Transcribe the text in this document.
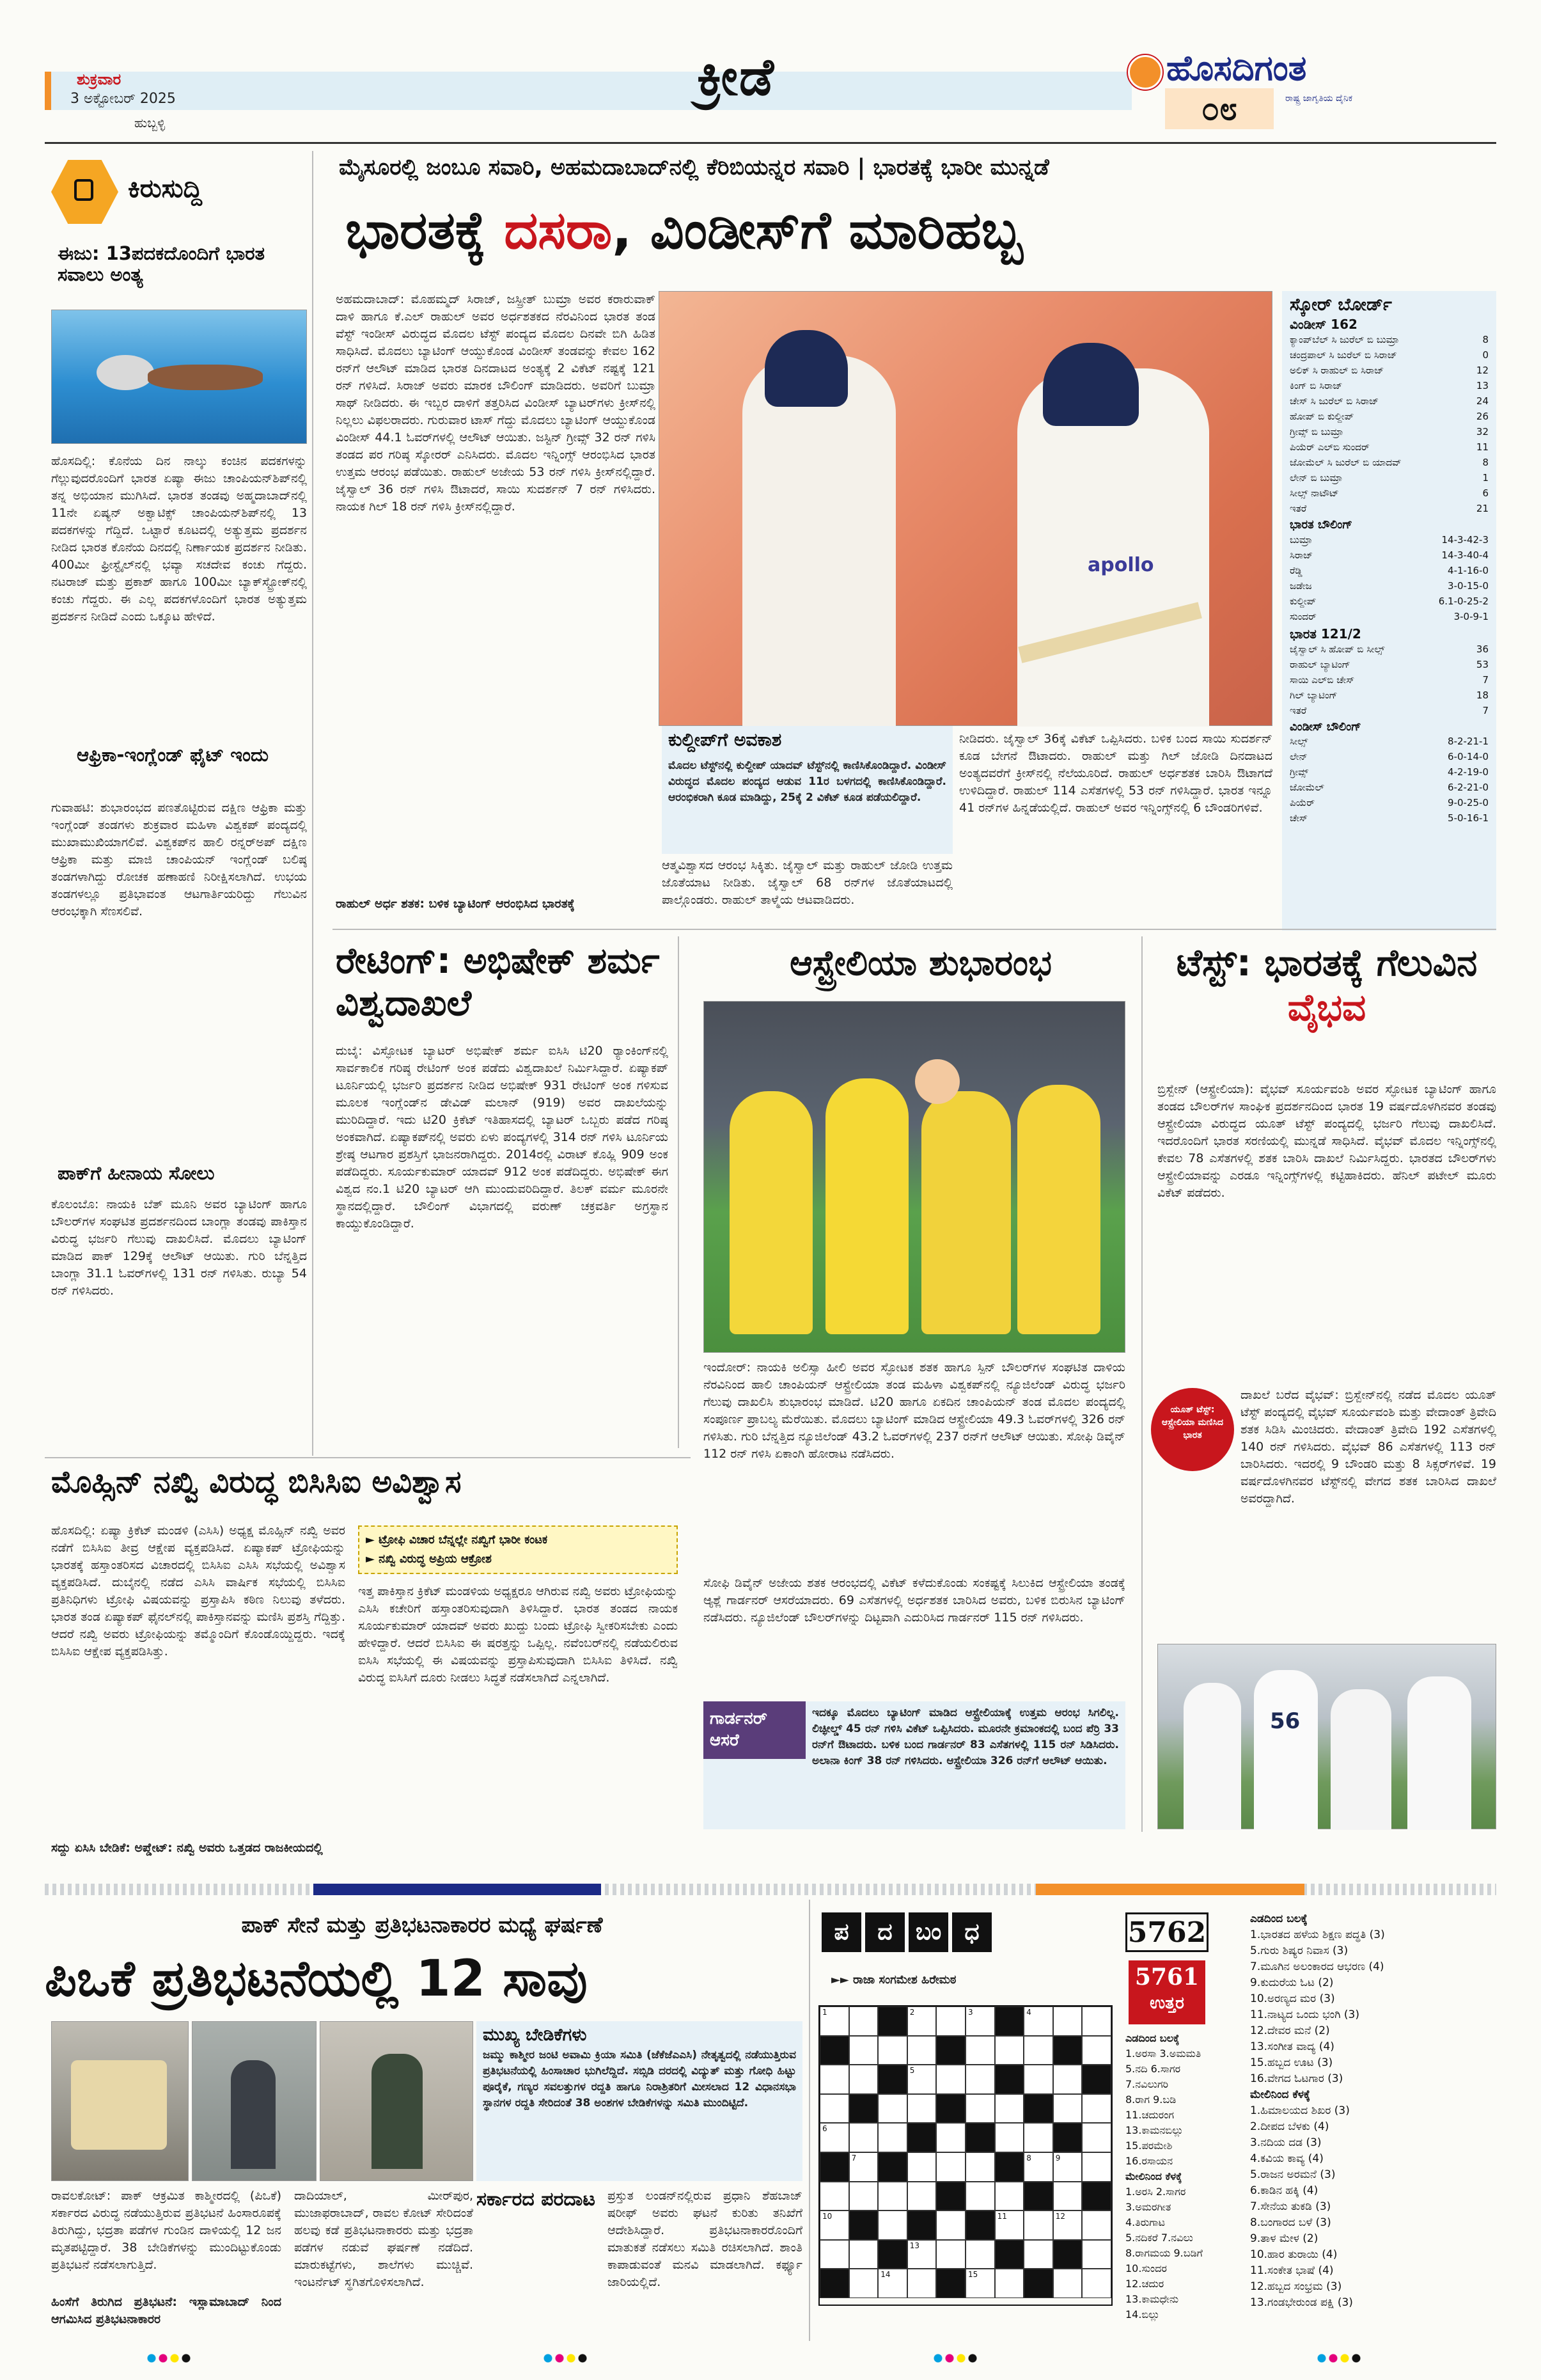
ಶುಕ್ರವಾರ
3 ಅಕ್ಟೋಬರ್ 2025
ಹುಬ್ಬಳ್ಳಿ
ಕ್ರೀಡೆ	ಹೊಸದಿಗಂತ
ರಾಷ್ಟ್ರ ಜಾಗೃತಿಯ ದೈನಿಕ
೦೮
ಕಿರುಸುದ್ದಿ
ಈಜು: 13ಪದಕದೊಂದಿಗೆ ಭಾರತ ಸವಾಲು ಅಂತ್ಯ
ಹೊಸದಿಲ್ಲಿ: ಕೊನೆಯ ದಿನ ನಾಲ್ಕು ಕಂಚಿನ ಪದಕಗಳನ್ನು ಗೆಲ್ಲುವುದರೊಂದಿಗೆ ಭಾರತ ಏಷ್ಯಾ ಈಜು ಚಾಂಪಿಯನ್‌ಶಿಪ್‌ನಲ್ಲಿ ತನ್ನ ಅಭಿಯಾನ ಮುಗಿಸಿದೆ. ಭಾರತ ತಂಡವು ಅಹ್ಮದಾಬಾದ್‌ನಲ್ಲಿ 11ನೇ ಏಷ್ಯನ್ ಅಕ್ವಾಟಿಕ್ಸ್ ಚಾಂಪಿಯನ್‌ಶಿಪ್‌ನಲ್ಲಿ 13 ಪದಕಗಳನ್ನು ಗೆದ್ದಿದೆ. ಒಟ್ಟಾರೆ ಕೂಟದಲ್ಲಿ ಅತ್ಯುತ್ತಮ ಪ್ರದರ್ಶನ ನೀಡಿದ ಭಾರತ ಕೊನೆಯ ದಿನದಲ್ಲಿ ನಿರ್ಣಾಯಕ ಪ್ರದರ್ಶನ ನೀಡಿತು. 400ಮೀ ಫ್ರೀಸ್ಟೈಲ್‌ನಲ್ಲಿ ಭವ್ಯಾ ಸಚದೇವ ಕಂಚು ಗೆದ್ದರು. ನಟರಾಜ್ ಮತ್ತು ಪ್ರಕಾಶ್ ಹಾಗೂ 100ಮೀ ಬ್ಯಾಕ್‌ಸ್ಟ್ರೋಕ್‌ನಲ್ಲಿ ಕಂಚು ಗೆದ್ದರು. ಈ ಎಲ್ಲ ಪದಕಗಳೊಂದಿಗೆ ಭಾರತ ಅತ್ಯುತ್ತಮ ಪ್ರದರ್ಶನ ನೀಡಿದೆ ಎಂದು ಒಕ್ಕೂಟ ಹೇಳಿದೆ.
ಆಫ್ರಿಕಾ-ಇಂಗ್ಲೆಂಡ್ ಫೈಟ್ ಇಂದು
ಗುವಾಹಟಿ: ಶುಭಾರಂಭದ ಪಣತೊಟ್ಟಿರುವ ದಕ್ಷಿಣ ಆಫ್ರಿಕಾ ಮತ್ತು ಇಂಗ್ಲೆಂಡ್ ತಂಡಗಳು ಶುಕ್ರವಾರ ಮಹಿಳಾ ವಿಶ್ವಕಪ್ ಪಂದ್ಯದಲ್ಲಿ ಮುಖಾಮುಖಿಯಾಗಲಿವೆ. ವಿಶ್ವಕಪ್‌ನ ಹಾಲಿ ರನ್ನರ್‌ಅಪ್ ದಕ್ಷಿಣ ಆಫ್ರಿಕಾ ಮತ್ತು ಮಾಜಿ ಚಾಂಪಿಯನ್ ಇಂಗ್ಲೆಂಡ್ ಬಲಿಷ್ಠ ತಂಡಗಳಾಗಿದ್ದು ರೋಚಕ ಹಣಾಹಣಿ ನಿರೀಕ್ಷಿಸಲಾಗಿದೆ. ಉಭಯ ತಂಡಗಳಲ್ಲೂ ಪ್ರತಿಭಾವಂತ ಆಟಗಾರ್ತಿಯರಿದ್ದು ಗೆಲುವಿನ ಆರಂಭಕ್ಕಾಗಿ ಸೆಣಸಲಿವೆ.
ಪಾಕ್‌ಗೆ ಹೀನಾಯ ಸೋಲು
ಕೊಲಂಬೊ: ನಾಯಕಿ ಬೆತ್ ಮೂನಿ ಅವರ ಬ್ಯಾಟಿಂಗ್ ಹಾಗೂ ಬೌಲರ್‌ಗಳ ಸಂಘಟಿತ ಪ್ರದರ್ಶನದಿಂದ ಬಾಂಗ್ಲಾ ತಂಡವು ಪಾಕಿಸ್ತಾನ ವಿರುದ್ಧ ಭರ್ಜರಿ ಗೆಲುವು ದಾಖಲಿಸಿದೆ. ಮೊದಲು ಬ್ಯಾಟಿಂಗ್ ಮಾಡಿದ ಪಾಕ್ 129ಕ್ಕೆ ಆಲೌಟ್ ಆಯಿತು. ಗುರಿ ಬೆನ್ನತ್ತಿದ ಬಾಂಗ್ಲಾ 31.1 ಓವರ್‌ಗಳಲ್ಲಿ 131 ರನ್ ಗಳಿಸಿತು. ರುಬ್ಯಾ 54 ರನ್ ಗಳಿಸಿದರು.
ಮೈಸೂರಲ್ಲಿ ಜಂಬೂ ಸವಾರಿ, ಅಹಮದಾಬಾದ್‌ನಲ್ಲಿ ಕೆರಿಬಿಯನ್ನರ ಸವಾರಿ | ಭಾರತಕ್ಕೆ ಭಾರೀ ಮುನ್ನಡೆ
ಭಾರತಕ್ಕೆ ದಸರಾ, ವಿಂಡೀಸ್‌ಗೆ ಮಾರಿಹಬ್ಬ
ಅಹಮದಾಬಾದ್: ಮೊಹಮ್ಮದ್ ಸಿರಾಜ್, ಜಸ್ಪ್ರೀತ್ ಬುಮ್ರಾ ಅವರ ಕರಾರುವಾಕ್ ದಾಳಿ ಹಾಗೂ ಕೆ.ಎಲ್ ರಾಹುಲ್ ಅವರ ಅರ್ಧಶತಕದ ನೆರವಿನಿಂದ ಭಾರತ ತಂಡ ವೆಸ್ಟ್ ಇಂಡೀಸ್ ವಿರುದ್ಧದ ಮೊದಲ ಟೆಸ್ಟ್ ಪಂದ್ಯದ ಮೊದಲ ದಿನವೇ ಬಿಗಿ ಹಿಡಿತ ಸಾಧಿಸಿದೆ. ಮೊದಲು ಬ್ಯಾಟಿಂಗ್ ಆಯ್ದುಕೊಂಡ ವಿಂಡೀಸ್ ತಂಡವನ್ನು ಕೇವಲ 162 ರನ್‌ಗೆ ಆಲೌಟ್ ಮಾಡಿದ ಭಾರತ ದಿನದಾಟದ ಅಂತ್ಯಕ್ಕೆ 2 ವಿಕೆಟ್ ನಷ್ಟಕ್ಕೆ 121 ರನ್ ಗಳಿಸಿದೆ. ಸಿರಾಜ್ ಅವರು ಮಾರಕ ಬೌಲಿಂಗ್ ಮಾಡಿದರು. ಅವರಿಗೆ ಬುಮ್ರಾ ಸಾಥ್ ನೀಡಿದರು. ಈ ಇಬ್ಬರ ದಾಳಿಗೆ ತತ್ತರಿಸಿದ ವಿಂಡೀಸ್ ಬ್ಯಾಟರ್‌ಗಳು ಕ್ರೀಸ್‌ನಲ್ಲಿ ನಿಲ್ಲಲು ವಿಫಲರಾದರು. ಗುರುವಾರ ಟಾಸ್ ಗೆದ್ದು ಮೊದಲು ಬ್ಯಾಟಿಂಗ್ ಆಯ್ದುಕೊಂಡ ವಿಂಡೀಸ್ 44.1 ಓವರ್‌ಗಳಲ್ಲಿ ಆಲೌಟ್ ಆಯಿತು. ಜಸ್ಟಿನ್ ಗ್ರೀವ್ಸ್ 32 ರನ್ ಗಳಿಸಿ ತಂಡದ ಪರ ಗರಿಷ್ಠ ಸ್ಕೋರರ್ ಎನಿಸಿದರು. ಮೊದಲ ಇನ್ನಿಂಗ್ಸ್ ಆರಂಭಿಸಿದ ಭಾರತ ಉತ್ತಮ ಆರಂಭ ಪಡೆಯಿತು. ರಾಹುಲ್ ಅಜೇಯ 53 ರನ್ ಗಳಿಸಿ ಕ್ರೀಸ್‌ನಲ್ಲಿದ್ದಾರೆ. ಜೈಸ್ವಾಲ್ 36 ರನ್ ಗಳಿಸಿ ಔಟಾದರೆ, ಸಾಯಿ ಸುದರ್ಶನ್ 7 ರನ್ ಗಳಿಸಿದರು. ನಾಯಕ ಗಿಲ್ 18 ರನ್ ಗಳಿಸಿ ಕ್ರೀಸ್‌ನಲ್ಲಿದ್ದಾರೆ.
ರಾಹುಲ್ ಅರ್ಧ ಶತಕ: ಬಳಿಕ ಬ್ಯಾಟಿಂಗ್ ಆರಂಭಿಸಿದ ಭಾರತಕ್ಕೆ
apollo
ಕುಲ್ದೀಪ್‌ಗೆ ಅವಕಾಶ
ಮೊದಲ ಟೆಸ್ಟ್‌ನಲ್ಲಿ ಕುಲ್ದೀಪ್ ಯಾದವ್ ಟೆಸ್ಟ್‌ನಲ್ಲಿ ಕಾಣಿಸಿಕೊಂಡಿದ್ದಾರೆ. ವಿಂಡೀಸ್ ವಿರುದ್ಧದ ಮೊದಲ ಪಂದ್ಯದ ಆಡುವ 11ರ ಬಳಗದಲ್ಲಿ ಕಾಣಿಸಿಕೊಂಡಿದ್ದಾರೆ. ಆರಂಭಿಕರಾಗಿ ಕೂಡ ಮಾಡಿದ್ದು, 25ಕ್ಕೆ 2 ವಿಕೆಟ್ ಕೂಡ ಪಡೆಯಲಿದ್ದಾರೆ.
ಆತ್ಮವಿಶ್ವಾಸದ ಆರಂಭ ಸಿಕ್ಕಿತು. ಜೈಸ್ವಾಲ್ ಮತ್ತು ರಾಹುಲ್ ಜೋಡಿ ಉತ್ತಮ ಜೊತೆಯಾಟ ನೀಡಿತು. ಜೈಸ್ವಾಲ್ 68 ರನ್‌ಗಳ ಜೊತೆಯಾಟದಲ್ಲಿ ಪಾಲ್ಗೊಂಡರು. ರಾಹುಲ್ ತಾಳ್ಮೆಯ ಆಟವಾಡಿದರು.
ನೀಡಿದರು. ಜೈಸ್ವಾಲ್ 36ಕ್ಕೆ ವಿಕೆಟ್ ಒಪ್ಪಿಸಿದರು. ಬಳಿಕ ಬಂದ ಸಾಯಿ ಸುದರ್ಶನ್ ಕೂಡ ಬೇಗನೆ ಔಟಾದರು. ರಾಹುಲ್ ಮತ್ತು ಗಿಲ್ ಜೋಡಿ ದಿನದಾಟದ ಅಂತ್ಯದವರೆಗೆ ಕ್ರೀಸ್‌ನಲ್ಲಿ ನೆಲೆಯೂರಿದೆ. ರಾಹುಲ್ ಅರ್ಧಶತಕ ಬಾರಿಸಿ ಔಟಾಗದೆ ಉಳಿದಿದ್ದಾರೆ. ರಾಹುಲ್ 114 ಎಸೆತಗಳಲ್ಲಿ 53 ರನ್ ಗಳಿಸಿದ್ದಾರೆ. ಭಾರತ ಇನ್ನೂ 41 ರನ್‌ಗಳ ಹಿನ್ನಡೆಯಲ್ಲಿದೆ. ರಾಹುಲ್ ಅವರ ಇನ್ನಿಂಗ್ಸ್‌ನಲ್ಲಿ 6 ಬೌಂಡರಿಗಳಿವೆ.
ಸ್ಕೋರ್ ಬೋರ್ಡ್
ವಿಂಡೀಸ್ 162
ಕ್ಯಾಂಪ್‌ಬೆಲ್ ಸಿ ಜುರೆಲ್ ಬಿ ಬುಮ್ರಾ	8
ಚಂದ್ರಪಾಲ್ ಸಿ ಜುರೆಲ್ ಬಿ ಸಿರಾಜ್	0
ಅಲಿಕ್ ಸಿ ರಾಹುಲ್ ಬಿ ಸಿರಾಜ್	12
ಕಿಂಗ್ ಬಿ ಸಿರಾಜ್	13
ಚೇಸ್ ಸಿ ಜುರೆಲ್ ಬಿ ಸಿರಾಜ್	24
ಹೋಪ್ ಬಿ ಕುಲ್ದೀಪ್	26
ಗ್ರೀವ್ಸ್ ಬಿ ಬುಮ್ರಾ	32
ಪಿಯೆರ್ ಎಲ್‌ಬಿ ಸುಂದರ್	11
ಜೋಮೆಲ್ ಸಿ ಜುರೆಲ್ ಬಿ ಯಾದವ್	8
ಲೇನ್ ಬಿ ಬುಮ್ರಾ	1
ಸೀಲ್ಸ್ ನಾಟೌಟ್	6
ಇತರೆ	21
ಭಾರತ ಬೌಲಿಂಗ್
ಬುಮ್ರಾ	14-3-42-3
ಸಿರಾಜ್	14-3-40-4
ರೆಡ್ಡಿ	4-1-16-0
ಜಡೇಜ	3-0-15-0
ಕುಲ್ದೀಪ್	6.1-0-25-2
ಸುಂದರ್	3-0-9-1
ಭಾರತ 121/2
ಜೈಸ್ವಾಲ್ ಸಿ ಹೋಪ್ ಬಿ ಸೀಲ್ಸ್	36
ರಾಹುಲ್ ಬ್ಯಾಟಿಂಗ್	53
ಸಾಯಿ ಎಲ್‌ಬಿ ಚೇಸ್	7
ಗಿಲ್ ಬ್ಯಾಟಿಂಗ್	18
ಇತರೆ	7
ವಿಂಡೀಸ್ ಬೌಲಿಂಗ್
ಸೀಲ್ಸ್	8-2-21-1
ಲೇನ್	6-0-14-0
ಗ್ರೀವ್ಸ್	4-2-19-0
ಜೋಮೆಲ್	6-2-21-0
ಪಿಯೆರ್	9-0-25-0
ಚೇಸ್	5-0-16-1
ರೇಟಿಂಗ್: ಅಭಿಷೇಕ್ ಶರ್ಮ ವಿಶ್ವದಾಖಲೆ
ದುಬೈ: ವಿಸ್ಫೋಟಕ ಬ್ಯಾಟರ್ ಅಭಿಷೇಕ್ ಶರ್ಮ ಐಸಿಸಿ ಟಿ20 ರ‍್ಯಾಂಕಿಂಗ್‌ನಲ್ಲಿ ಸಾರ್ವಕಾಲಿಕ ಗರಿಷ್ಠ ರೇಟಿಂಗ್ ಅಂಕ ಪಡೆದು ವಿಶ್ವದಾಖಲೆ ನಿರ್ಮಿಸಿದ್ದಾರೆ. ಏಷ್ಯಾಕಪ್ ಟೂರ್ನಿಯಲ್ಲಿ ಭರ್ಜರಿ ಪ್ರದರ್ಶನ ನೀಡಿದ ಅಭಿಷೇಕ್ 931 ರೇಟಿಂಗ್ ಅಂಕ ಗಳಿಸುವ ಮೂಲಕ ಇಂಗ್ಲೆಂಡ್‌ನ ಡೇವಿಡ್ ಮಲಾನ್ (919) ಅವರ ದಾಖಲೆಯನ್ನು ಮುರಿದಿದ್ದಾರೆ. ಇದು ಟಿ20 ಕ್ರಿಕೆಟ್ ಇತಿಹಾಸದಲ್ಲಿ ಬ್ಯಾಟರ್ ಒಬ್ಬರು ಪಡೆದ ಗರಿಷ್ಠ ಅಂಕವಾಗಿದೆ. ಏಷ್ಯಾಕಪ್‌ನಲ್ಲಿ ಅವರು ಏಳು ಪಂದ್ಯಗಳಲ್ಲಿ 314 ರನ್ ಗಳಿಸಿ ಟೂರ್ನಿಯ ಶ್ರೇಷ್ಠ ಆಟಗಾರ ಪ್ರಶಸ್ತಿಗೆ ಭಾಜನರಾಗಿದ್ದರು. 2014ರಲ್ಲಿ ವಿರಾಟ್ ಕೊಹ್ಲಿ 909 ಅಂಕ ಪಡೆದಿದ್ದರು. ಸೂರ್ಯಕುಮಾರ್ ಯಾದವ್ 912 ಅಂಕ ಪಡೆದಿದ್ದರು. ಅಭಿಷೇಕ್ ಈಗ ವಿಶ್ವದ ನಂ.1 ಟಿ20 ಬ್ಯಾಟರ್ ಆಗಿ ಮುಂದುವರಿದಿದ್ದಾರೆ. ತಿಲಕ್ ವರ್ಮ ಮೂರನೇ ಸ್ಥಾನದಲ್ಲಿದ್ದಾರೆ. ಬೌಲಿಂಗ್ ವಿಭಾಗದಲ್ಲಿ ವರುಣ್ ಚಕ್ರವರ್ತಿ ಅಗ್ರಸ್ಥಾನ ಕಾಯ್ದುಕೊಂಡಿದ್ದಾರೆ.
ಆಸ್ಟ್ರೇಲಿಯಾ ಶುಭಾರಂಭ
ಇಂದೋರ್: ನಾಯಕಿ ಅಲಿಸ್ಸಾ ಹೀಲಿ ಅವರ ಸ್ಫೋಟಕ ಶತಕ ಹಾಗೂ ಸ್ಪಿನ್ ಬೌಲರ್‌ಗಳ ಸಂಘಟಿತ ದಾಳಿಯ ನೆರವಿನಿಂದ ಹಾಲಿ ಚಾಂಪಿಯನ್ ಆಸ್ಟ್ರೇಲಿಯಾ ತಂಡ ಮಹಿಳಾ ವಿಶ್ವಕಪ್‌ನಲ್ಲಿ ನ್ಯೂಜಿಲೆಂಡ್ ವಿರುದ್ಧ ಭರ್ಜರಿ ಗೆಲುವು ದಾಖಲಿಸಿ ಶುಭಾರಂಭ ಮಾಡಿದೆ. ಟಿ20 ಹಾಗೂ ಏಕದಿನ ಚಾಂಪಿಯನ್ ತಂಡ ಮೊದಲ ಪಂದ್ಯದಲ್ಲಿ ಸಂಪೂರ್ಣ ಪ್ರಾಬಲ್ಯ ಮೆರೆಯಿತು. ಮೊದಲು ಬ್ಯಾಟಿಂಗ್ ಮಾಡಿದ ಆಸ್ಟ್ರೇಲಿಯಾ 49.3 ಓವರ್‌ಗಳಲ್ಲಿ 326 ರನ್ ಗಳಿಸಿತು. ಗುರಿ ಬೆನ್ನತ್ತಿದ ನ್ಯೂಜಿಲೆಂಡ್ 43.2 ಓವರ್‌ಗಳಲ್ಲಿ 237 ರನ್‌ಗೆ ಆಲೌಟ್ ಆಯಿತು. ಸೋಫಿ ಡಿವೈನ್ 112 ರನ್ ಗಳಿಸಿ ಏಕಾಂಗಿ ಹೋರಾಟ ನಡೆಸಿದರು.
ಸೋಫಿ ಡಿವೈನ್ ಅಜೇಯ ಶತಕ ಆರಂಭದಲ್ಲಿ ವಿಕೆಟ್ ಕಳೆದುಕೊಂಡು ಸಂಕಷ್ಟಕ್ಕೆ ಸಿಲುಕಿದ ಆಸ್ಟ್ರೇಲಿಯಾ ತಂಡಕ್ಕೆ ಆ್ಯಶ್ಲೆ ಗಾರ್ಡನರ್ ಆಸರೆಯಾದರು. 69 ಎಸೆತಗಳಲ್ಲಿ ಅರ್ಧಶತಕ ಬಾರಿಸಿದ ಅವರು, ಬಳಿಕ ಬಿರುಸಿನ ಬ್ಯಾಟಿಂಗ್ ನಡೆಸಿದರು. ನ್ಯೂಜಿಲೆಂಡ್ ಬೌಲರ್‌ಗಳನ್ನು ದಿಟ್ಟವಾಗಿ ಎದುರಿಸಿದ ಗಾರ್ಡನರ್ 115 ರನ್ ಗಳಿಸಿದರು.
ಗಾರ್ಡನರ್ ಆಸರೆ
ಇದಕ್ಕೂ ಮೊದಲು ಬ್ಯಾಟಿಂಗ್ ಮಾಡಿದ ಆಸ್ಟ್ರೇಲಿಯಾಕ್ಕೆ ಉತ್ತಮ ಆರಂಭ ಸಿಗಲಿಲ್ಲ. ಲಿಚ್ಫೀಲ್ಡ್ 45 ರನ್ ಗಳಿಸಿ ವಿಕೆಟ್ ಒಪ್ಪಿಸಿದರು. ಮೂರನೇ ಕ್ರಮಾಂಕದಲ್ಲಿ ಬಂದ ಪೆರ‍್ರಿ 33 ರನ್‌ಗೆ ಔಟಾದರು. ಬಳಿಕ ಬಂದ ಗಾರ್ಡನರ್ 83 ಎಸೆತಗಳಲ್ಲಿ 115 ರನ್ ಸಿಡಿಸಿದರು. ಅಲಾನಾ ಕಿಂಗ್ 38 ರನ್ ಗಳಿಸಿದರು. ಆಸ್ಟ್ರೇಲಿಯಾ 326 ರನ್‌ಗೆ ಆಲೌಟ್ ಆಯಿತು.
ಟೆಸ್ಟ್: ಭಾರತಕ್ಕೆ ಗೆಲುವಿನ ವೈಭವ
ಬ್ರಿಸ್ಬೇನ್ (ಆಸ್ಟ್ರೇಲಿಯಾ): ವೈಭವ್ ಸೂರ್ಯವಂಶಿ ಅವರ ಸ್ಫೋಟಕ ಬ್ಯಾಟಿಂಗ್ ಹಾಗೂ ತಂಡದ ಬೌಲರ್‌ಗಳ ಸಾಂಘಿಕ ಪ್ರದರ್ಶನದಿಂದ ಭಾರತ 19 ವರ್ಷದೊಳಗಿನವರ ತಂಡವು ಆಸ್ಟ್ರೇಲಿಯಾ ವಿರುದ್ಧದ ಯೂತ್ ಟೆಸ್ಟ್ ಪಂದ್ಯದಲ್ಲಿ ಭರ್ಜರಿ ಗೆಲುವು ದಾಖಲಿಸಿದೆ. ಇದರೊಂದಿಗೆ ಭಾರತ ಸರಣಿಯಲ್ಲಿ ಮುನ್ನಡೆ ಸಾಧಿಸಿದೆ. ವೈಭವ್ ಮೊದಲ ಇನ್ನಿಂಗ್ಸ್‌ನಲ್ಲಿ ಕೇವಲ 78 ಎಸೆತಗಳಲ್ಲಿ ಶತಕ ಬಾರಿಸಿ ದಾಖಲೆ ನಿರ್ಮಿಸಿದ್ದರು. ಭಾರತದ ಬೌಲರ್‌ಗಳು ಆಸ್ಟ್ರೇಲಿಯಾವನ್ನು ಎರಡೂ ಇನ್ನಿಂಗ್ಸ್‌ಗಳಲ್ಲಿ ಕಟ್ಟಿಹಾಕಿದರು. ಹೆನಿಲ್ ಪಟೇಲ್ ಮೂರು ವಿಕೆಟ್ ಪಡೆದರು.
ಯೂತ್ ಟೆಸ್ಟ್: ಆಸ್ಟ್ರೇಲಿಯಾ ಮಣಿಸಿದ ಭಾರತ
ದಾಖಲೆ ಬರೆದ ವೈಭವ್: ಬ್ರಿಸ್ಬೇನ್‌ನಲ್ಲಿ ನಡೆದ ಮೊದಲ ಯೂತ್ ಟೆಸ್ಟ್ ಪಂದ್ಯದಲ್ಲಿ ವೈಭವ್ ಸೂರ್ಯವಂಶಿ ಮತ್ತು ವೇದಾಂತ್ ತ್ರಿವೇದಿ ಶತಕ ಸಿಡಿಸಿ ಮಿಂಚಿದರು. ವೇದಾಂತ್ ತ್ರಿವೇದಿ 192 ಎಸೆತಗಳಲ್ಲಿ 140 ರನ್ ಗಳಿಸಿದರು. ವೈಭವ್ 86 ಎಸೆತಗಳಲ್ಲಿ 113 ರನ್ ಬಾರಿಸಿದರು. ಇದರಲ್ಲಿ 9 ಬೌಂಡರಿ ಮತ್ತು 8 ಸಿಕ್ಸರ್‌ಗಳಿವೆ. 19 ವರ್ಷದೊಳಗಿನವರ ಟೆಸ್ಟ್‌ನಲ್ಲಿ ವೇಗದ ಶತಕ ಬಾರಿಸಿದ ದಾಖಲೆ ಅವರದ್ದಾಗಿದೆ.
56
ಮೊಹ್ಸಿನ್ ನಖ್ವಿ ವಿರುದ್ಧ ಬಿಸಿಸಿಐ ಅವಿಶ್ವಾಸ
ಹೊಸದಿಲ್ಲಿ: ಏಷ್ಯಾ ಕ್ರಿಕೆಟ್ ಮಂಡಳಿ (ಎಸಿಸಿ) ಅಧ್ಯಕ್ಷ ಮೊಹ್ಸಿನ್ ನಖ್ವಿ ಅವರ ನಡೆಗೆ ಬಿಸಿಸಿಐ ತೀವ್ರ ಆಕ್ಷೇಪ ವ್ಯಕ್ತಪಡಿಸಿದೆ. ಏಷ್ಯಾಕಪ್ ಟ್ರೋಫಿಯನ್ನು ಭಾರತಕ್ಕೆ ಹಸ್ತಾಂತರಿಸದ ವಿಚಾರದಲ್ಲಿ ಬಿಸಿಸಿಐ ಎಸಿಸಿ ಸಭೆಯಲ್ಲಿ ಅವಿಶ್ವಾಸ ವ್ಯಕ್ತಪಡಿಸಿದೆ. ದುಬೈನಲ್ಲಿ ನಡೆದ ಎಸಿಸಿ ವಾರ್ಷಿಕ ಸಭೆಯಲ್ಲಿ ಬಿಸಿಸಿಐ ಪ್ರತಿನಿಧಿಗಳು ಟ್ರೋಫಿ ವಿಷಯವನ್ನು ಪ್ರಸ್ತಾಪಿಸಿ ಕಠಿಣ ನಿಲುವು ತಳೆದರು. ಭಾರತ ತಂಡ ಏಷ್ಯಾಕಪ್ ಫೈನಲ್‌ನಲ್ಲಿ ಪಾಕಿಸ್ತಾನವನ್ನು ಮಣಿಸಿ ಪ್ರಶಸ್ತಿ ಗೆದ್ದಿತ್ತು. ಆದರೆ ನಖ್ವಿ ಅವರು ಟ್ರೋಫಿಯನ್ನು ತಮ್ಮೊಂದಿಗೆ ಕೊಂಡೊಯ್ದಿದ್ದರು. ಇದಕ್ಕೆ ಬಿಸಿಸಿಐ ಆಕ್ಷೇಪ ವ್ಯಕ್ತಪಡಿಸಿತ್ತು.
ಸದ್ದು ಏಸಿಸಿ ಬೇಡಿಕೆ: ಅಪ್ಡೇಟ್: ನಖ್ವಿ ಅವರು ಒತ್ತಡದ ರಾಜಕೀಯದಲ್ಲಿ
► ಟ್ರೋಫಿ ವಿಚಾರ ಬೆನ್ನಲ್ಲೇ ನಖ್ವಿಗೆ ಭಾರೀ ಕಂಟಕ
► ನಖ್ವಿ ವಿರುದ್ಧ ಅಪ್ರಿಯ ಆಕ್ರೋಶ
ಇತ್ತ ಪಾಕಿಸ್ತಾನ ಕ್ರಿಕೆಟ್ ಮಂಡಳಿಯ ಅಧ್ಯಕ್ಷರೂ ಆಗಿರುವ ನಖ್ವಿ ಅವರು ಟ್ರೋಫಿಯನ್ನು ಎಸಿಸಿ ಕಚೇರಿಗೆ ಹಸ್ತಾಂತರಿಸುವುದಾಗಿ ತಿಳಿಸಿದ್ದಾರೆ. ಭಾರತ ತಂಡದ ನಾಯಕ ಸೂರ್ಯಕುಮಾರ್ ಯಾದವ್ ಅವರು ಖುದ್ದು ಬಂದು ಟ್ರೋಫಿ ಸ್ವೀಕರಿಸಬೇಕು ಎಂದು ಹೇಳಿದ್ದಾರೆ. ಆದರೆ ಬಿಸಿಸಿಐ ಈ ಷರತ್ತನ್ನು ಒಪ್ಪಿಲ್ಲ. ನವೆಂಬರ್‌ನಲ್ಲಿ ನಡೆಯಲಿರುವ ಐಸಿಸಿ ಸಭೆಯಲ್ಲಿ ಈ ವಿಷಯವನ್ನು ಪ್ರಸ್ತಾಪಿಸುವುದಾಗಿ ಬಿಸಿಸಿಐ ತಿಳಿಸಿದೆ. ನಖ್ವಿ ವಿರುದ್ಧ ಐಸಿಸಿಗೆ ದೂರು ನೀಡಲು ಸಿದ್ಧತೆ ನಡೆಸಲಾಗಿದೆ ಎನ್ನಲಾಗಿದೆ.
ಪಾಕ್ ಸೇನೆ ಮತ್ತು ಪ್ರತಿಭಟನಾಕಾರರ ಮಧ್ಯೆ ಘರ್ಷಣೆ
ಪಿಒಕೆ ಪ್ರತಿಭಟನೆಯಲ್ಲಿ 12 ಸಾವು
ಮುಖ್ಯ ಬೇಡಿಕೆಗಳು
ಜಮ್ಮು ಕಾಶ್ಮೀರ ಜಂಟಿ ಅವಾಮಿ ಕ್ರಿಯಾ ಸಮಿತಿ (ಜೆಕೆಜೆಎಎಸಿ) ನೇತೃತ್ವದಲ್ಲಿ ನಡೆಯುತ್ತಿರುವ ಪ್ರತಿಭಟನೆಯಲ್ಲಿ ಹಿಂಸಾಚಾರ ಭುಗಿಲೆದ್ದಿದೆ. ಸಬ್ಸಿಡಿ ದರದಲ್ಲಿ ವಿದ್ಯುತ್ ಮತ್ತು ಗೋಧಿ ಹಿಟ್ಟು ಪೂರೈಕೆ, ಗಣ್ಯರ ಸವಲತ್ತುಗಳ ರದ್ದತಿ ಹಾಗೂ ನಿರಾಶ್ರಿತರಿಗೆ ಮೀಸಲಾದ 12 ವಿಧಾನಸಭಾ ಸ್ಥಾನಗಳ ರದ್ದತಿ ಸೇರಿದಂತೆ 38 ಅಂಶಗಳ ಬೇಡಿಕೆಗಳನ್ನು ಸಮಿತಿ ಮುಂದಿಟ್ಟಿದೆ.
ರಾವಲಕೋಟ್: ಪಾಕ್ ಆಕ್ರಮಿತ ಕಾಶ್ಮೀರದಲ್ಲಿ (ಪಿಒಕೆ) ಸರ್ಕಾರದ ವಿರುದ್ಧ ನಡೆಯುತ್ತಿರುವ ಪ್ರತಿಭಟನೆ ಹಿಂಸಾರೂಪಕ್ಕೆ ತಿರುಗಿದ್ದು, ಭದ್ರತಾ ಪಡೆಗಳ ಗುಂಡಿನ ದಾಳಿಯಲ್ಲಿ 12 ಜನ ಮೃತಪಟ್ಟಿದ್ದಾರೆ. 38 ಬೇಡಿಕೆಗಳನ್ನು ಮುಂದಿಟ್ಟುಕೊಂಡು ಪ್ರತಿಭಟನೆ ನಡೆಸಲಾಗುತ್ತಿದೆ.
ಹಿಂಸೆಗೆ ತಿರುಗಿದ ಪ್ರತಿಭಟನೆ: ಇಸ್ಲಾಮಾಬಾದ್ ನಿಂದ ಆಗಮಿಸಿದ ಪ್ರತಿಭಟನಾಕಾರರ
ದಾದಿಯಾಲ್, ಮೀರ್‌ಪುರ, ಮುಜಾಫರಾಬಾದ್, ರಾವಲ ಕೋಟ್ ಸೇರಿದಂತೆ ಹಲವು ಕಡೆ ಪ್ರತಿಭಟನಾಕಾರರು ಮತ್ತು ಭದ್ರತಾ ಪಡೆಗಳ ನಡುವೆ ಘರ್ಷಣೆ ನಡೆದಿದೆ. ಮಾರುಕಟ್ಟೆಗಳು, ಶಾಲೆಗಳು ಮುಚ್ಚಿವೆ. ಇಂಟರ್ನೆಟ್ ಸ್ಥಗಿತಗೊಳಿಸಲಾಗಿದೆ.
ಸರ್ಕಾರದ ಪರದಾಟ ಪ್ರಸ್ತುತ ಲಂಡನ್‌ನಲ್ಲಿರುವ ಪ್ರಧಾನಿ ಶೆಹಬಾಜ್ ಷರೀಫ್ ಅವರು ಘಟನೆ ಕುರಿತು ತನಿಖೆಗೆ ಆದೇಶಿಸಿದ್ದಾರೆ. ಪ್ರತಿಭಟನಾಕಾರರೊಂದಿಗೆ ಮಾತುಕತೆ ನಡೆಸಲು ಸಮಿತಿ ರಚಿಸಲಾಗಿದೆ. ಶಾಂತಿ ಕಾಪಾಡುವಂತೆ ಮನವಿ ಮಾಡಲಾಗಿದೆ. ಕರ್ಫ್ಯೂ ಜಾರಿಯಲ್ಲಿದೆ.
ಪ	ದ	ಬಂ	ಧ
►► ರಾಜಾ ಸಂಗಮೇಶ ಹಿರೇಮಠ
1	2	3	4
5
6
7	8	9
10	11	12
13
14	15
5762
5761
ಉತ್ತರ
ಎಡದಿಂದ ಬಲಕ್ಕೆ
1.ಅರಸಾ 3.ಅಮಮತಿ
5.ನದಿ 6.ಸಾಗರ
7.ನವಿಲುಗರಿ
8.ರಾಗ 9.ಬಡಿ
11.ಚದುರಂಗ
13.ಕಾಮನಬಿಲ್ಲು
15.ಪರಮೇಶಿ
16.ರಸಾಯನ
ಮೇಲಿನಿಂದ ಕೆಳಕ್ಕೆ
1.ಅರಸಿ 2.ಸಾಗರ
3.ಅಮರಗೀತ
4.ತಿರುಗಾಟ
5.ನದಿಕರೆ 7.ನವಿಲು
8.ರಾಗಮಯ 9.ಬಡಿಗೆ
10.ಸುಂದರ
12.ಚದುರ
13.ಕಾಮಧೇನು
14.ಬಿಲ್ಲು
ಎಡದಿಂದ ಬಲಕ್ಕೆ
1.ಭಾರತದ ಹಳೆಯ ಶಿಕ್ಷಣ ಪದ್ಧತಿ (3)
5.ಗುರು ಶಿಷ್ಯರ ನಿವಾಸ (3)
7.ಮೂಗಿನ ಅಲಂಕಾರದ ಆಭರಣ (4)
9.ಕುದುರೆಯ ಓಟ (2)
10.ಅರಣ್ಯದ ಮರ (3)
11.ನಾಟ್ಯದ ಒಂದು ಭಂಗಿ (3)
12.ದೇವರ ಮನೆ (2)
13.ಸಂಗೀತ ವಾದ್ಯ (4)
15.ಹಬ್ಬದ ಊಟ (3)
16.ವೇಗದ ಓಟಗಾರ (3)
ಮೇಲಿನಿಂದ ಕೆಳಕ್ಕೆ
1.ಹಿಮಾಲಯದ ಶಿಖರ (3)
2.ದೀಪದ ಬೆಳಕು (4)
3.ನದಿಯ ದಡ (3)
4.ಕವಿಯ ಕಾವ್ಯ (4)
5.ರಾಜನ ಅರಮನೆ (3)
6.ಕಾಡಿನ ಹಕ್ಕಿ (4)
7.ಸೇನೆಯ ತುಕಡಿ (3)
8.ಬಂಗಾರದ ಬಳೆ (3)
9.ತಾಳ ಮೇಳ (2)
10.ಹಾರ ತುರಾಯಿ (4)
11.ಸಂಕೇತ ಭಾಷೆ (4)
12.ಹಬ್ಬದ ಸಂಭ್ರಮ (3)
13.ಗಂಡಭೇರುಂಡ ಪಕ್ಷಿ (3)
